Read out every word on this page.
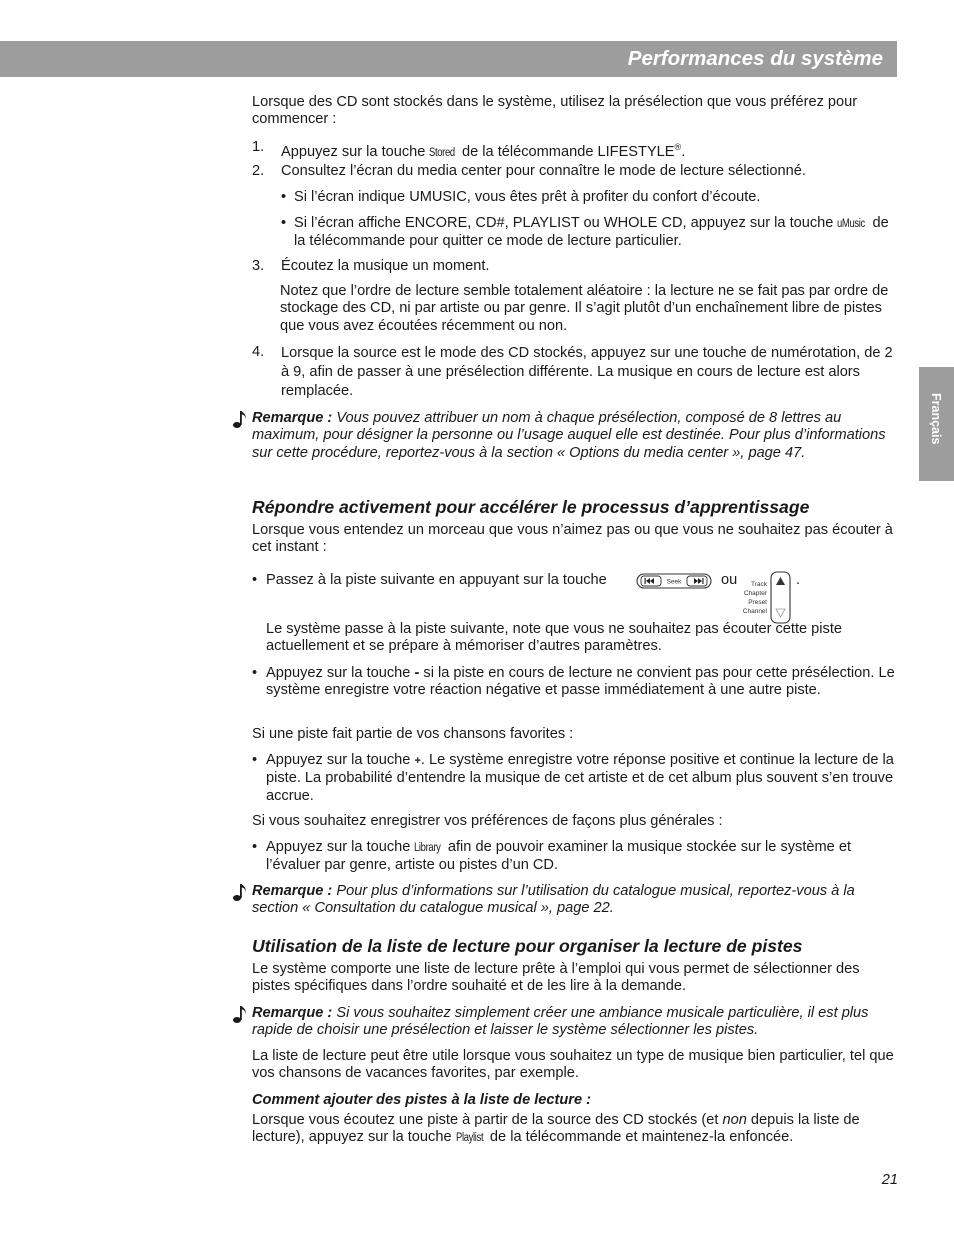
Performances du système
Français
Lorsque des CD sont stockés dans le système, utilisez la présélection que vous préférez pour commencer :
1.	Appuyez sur la touche Stored de la télécommande LIFESTYLE®.
2.	Consultez l’écran du media center pour connaître le mode de lecture sélectionné.
• Si l’écran indique UMUSIC, vous êtes prêt à profiter du confort d’écoute.
• Si l’écran affiche ENCORE, CD#, PLAYLIST ou WHOLE CD, appuyez sur la touche uMusic de la télécommande pour quitter ce mode de lecture particulier.
3.	Écoutez la musique un moment.
Notez que l’ordre de lecture semble totalement aléatoire : la lecture ne se fait pas par ordre de stockage des CD, ni par artiste ou par genre. Il s’agit plutôt d’un enchaînement libre de pistes que vous avez écoutées récemment ou non.
4.	Lorsque la source est le mode des CD stockés, appuyez sur une touche de numérotation, de 2 à 9, afin de passer à une présélection différente. La musique en cours de lecture est alors remplacée.
Remarque : Vous pouvez attribuer un nom à chaque présélection, composé de 8 lettres au maximum, pour désigner la personne ou l’usage auquel elle est destinée. Pour plus d’informations sur cette procédure, reportez-vous à la section « Options du media center », page 47.
Répondre activement pour accélérer le processus d’apprentissage
Lorsque vous entendez un morceau que vous n’aimez pas ou que vous ne souhaitez pas écouter à cet instant :
• Passez à la piste suivante en appuyant sur la touche	Seek	ou Track
Chapter
Preset
Channel
.
Le système passe à la piste suivante, note que vous ne souhaitez pas écouter cette piste actuellement et se prépare à mémoriser d’autres paramètres.
• Appuyez sur la touche - si la piste en cours de lecture ne convient pas pour cette présélection. Le système enregistre votre réaction négative et passe immédiatement à une autre piste.
Si une piste fait partie de vos chansons favorites :
• Appuyez sur la touche +. Le système enregistre votre réponse positive et continue la lecture de la piste. La probabilité d’entendre la musique de cet artiste et de cet album plus souvent s’en trouve accrue.
Si vous souhaitez enregistrer vos préférences de façons plus générales :
• Appuyez sur la touche Library afin de pouvoir examiner la musique stockée sur le système et l’évaluer par genre, artiste ou pistes d’un CD.
Remarque : Pour plus d’informations sur l’utilisation du catalogue musical, reportez-vous à la section « Consultation du catalogue musical », page 22.
Utilisation de la liste de lecture pour organiser la lecture de pistes
Le système comporte une liste de lecture prête à l’emploi qui vous permet de sélectionner des pistes spécifiques dans l’ordre souhaité et de les lire à la demande.
Remarque : Si vous souhaitez simplement créer une ambiance musicale particulière, il est plus rapide de choisir une présélection et laisser le système sélectionner les pistes.
La liste de lecture peut être utile lorsque vous souhaitez un type de musique bien particulier, tel que vos chansons de vacances favorites, par exemple.
Comment ajouter des pistes à la liste de lecture :
Lorsque vous écoutez une piste à partir de la source des CD stockés (et non depuis la liste de lecture), appuyez sur la touche Playlist de la télécommande et maintenez-la enfoncée.
21
